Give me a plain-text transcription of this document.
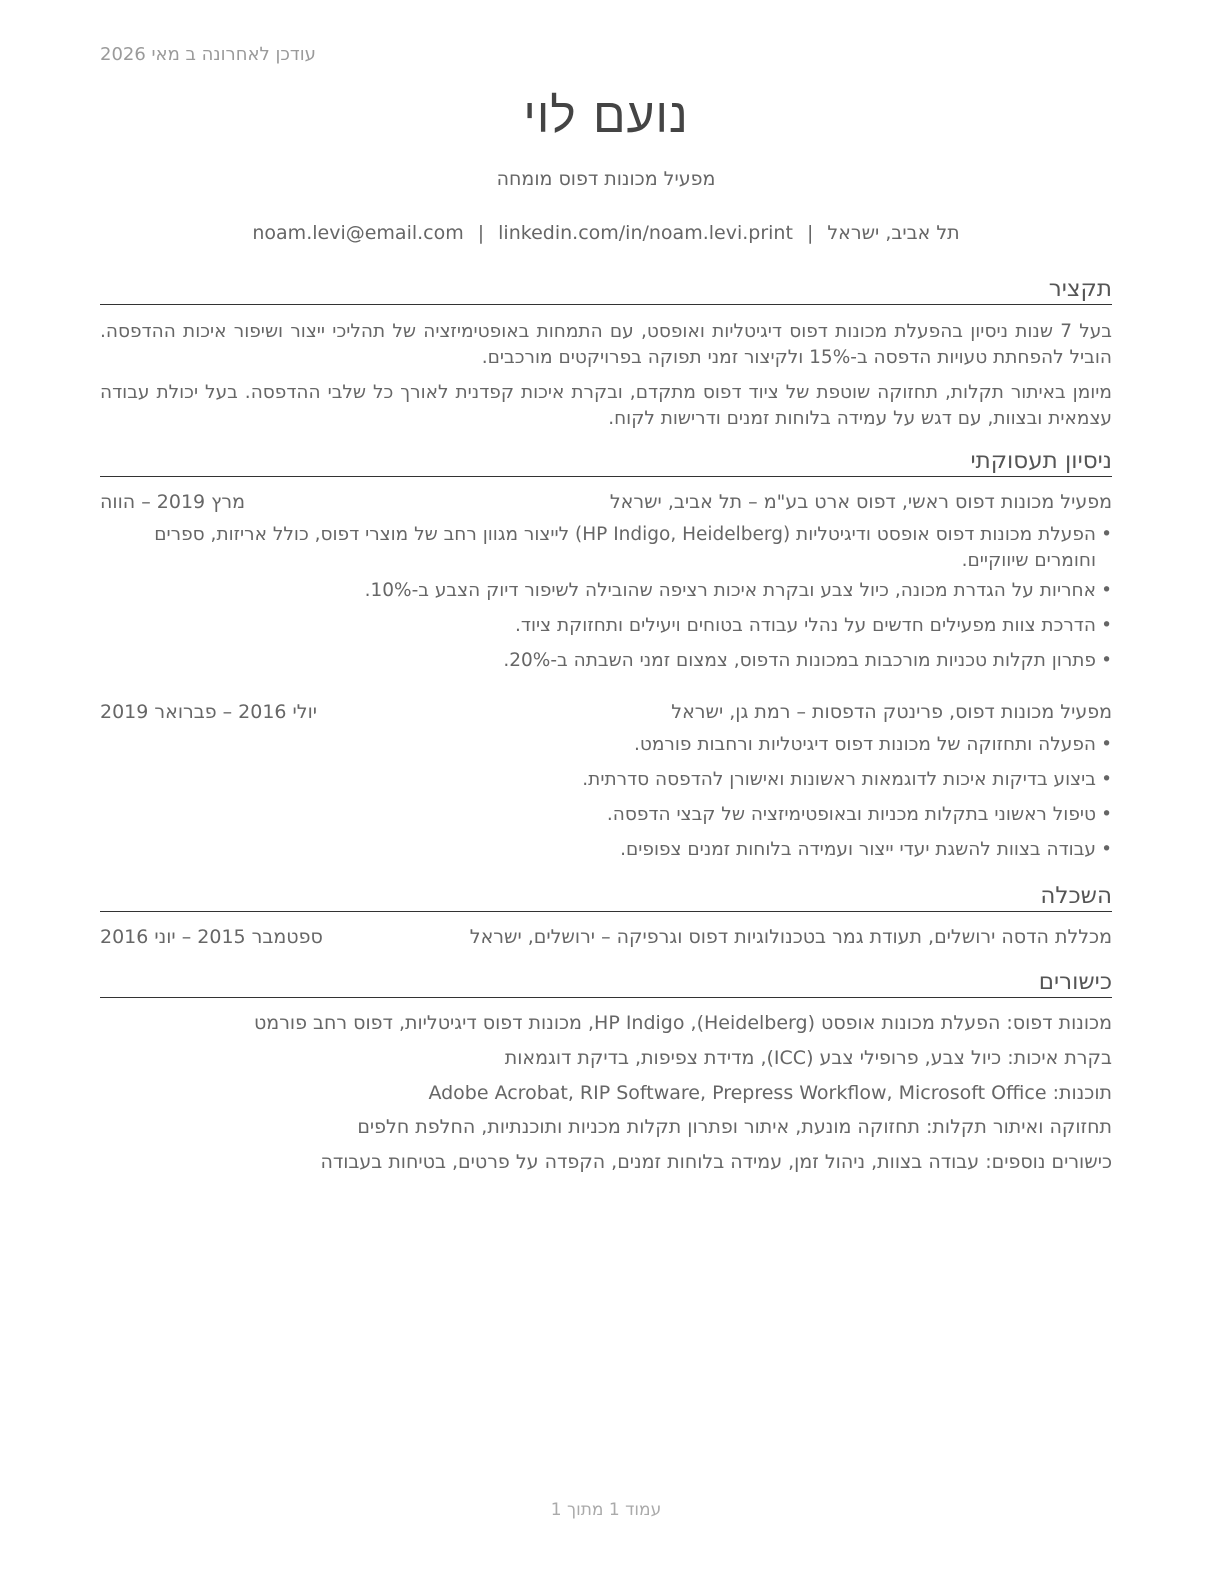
עודכן לאחרונה ב מאי 2026
נועם לוי
מפעיל מכונות דפוס מומחה
תל אביב, ישראל|noam.levi@email.com | linkedin.com/in/noam.levi.print
תקציר
בעל 7 שנות ניסיון בהפעלת מכונות דפוס דיגיטליות ואופסט, עם התמחות באופטימיזציה של תהליכי ייצור ושיפור איכות ההדפסה. הוביל להפחתת טעויות הדפסה ב-15% ולקיצור זמני תפוקה בפרויקטים מורכבים.
מיומן באיתור תקלות, תחזוקה שוטפת של ציוד דפוס מתקדם, ובקרת איכות קפדנית לאורך כל שלבי ההדפסה. בעל יכולת עבודה עצמאית ובצוות, עם דגש על עמידה בלוחות זמנים ודרישות לקוח.
ניסיון תעסוקתי
מפעיל מכונות דפוס ראשי, דפוס ארט בע"מ – תל אביב, ישראל
מרץ 2019 – הווה
•
הפעלת מכונות דפוס אופסט ודיגיטליות (HP Indigo, Heidelberg) לייצור מגוון רחב של מוצרי דפוס, כולל אריזות, ספרים וחומרים שיווקיים.
•
אחריות על הגדרת מכונה, כיול צבע ובקרת איכות רציפה שהובילה לשיפור דיוק הצבע ב-10%.
•
הדרכת צוות מפעילים חדשים על נהלי עבודה בטוחים ויעילים ותחזוקת ציוד.
•
פתרון תקלות טכניות מורכבות במכונות הדפוס, צמצום זמני השבתה ב-20%.
מפעיל מכונות דפוס, פרינטק הדפסות – רמת גן, ישראל
יולי 2016 – פברואר 2019
•
הפעלה ותחזוקה של מכונות דפוס דיגיטליות ורחבות פורמט.
•
ביצוע בדיקות איכות לדוגמאות ראשונות ואישורן להדפסה סדרתית.
•
טיפול ראשוני בתקלות מכניות ובאופטימיזציה של קבצי הדפסה.
•
עבודה בצוות להשגת יעדי ייצור ועמידה בלוחות זמנים צפופים.
השכלה
מכללת הדסה ירושלים, תעודת גמר בטכנולוגיות דפוס וגרפיקה – ירושלים, ישראל
ספטמבר 2015 – יוני 2016
כישורים
מכונות דפוס: הפעלת מכונות אופסט (Heidelberg), HP Indigo, מכונות דפוס דיגיטליות, דפוס רחב פורמט
בקרת איכות: כיול צבע, פרופילי צבע (ICC), מדידת צפיפות, בדיקת דוגמאות
תוכנות: Adobe Acrobat, RIP Software, Prepress Workflow, Microsoft Office
תחזוקה ואיתור תקלות: תחזוקה מונעת, איתור ופתרון תקלות מכניות ותוכנתיות, החלפת חלפים
כישורים נוספים: עבודה בצוות, ניהול זמן, עמידה בלוחות זמנים, הקפדה על פרטים, בטיחות בעבודה
עמוד 1 מתוך 1
